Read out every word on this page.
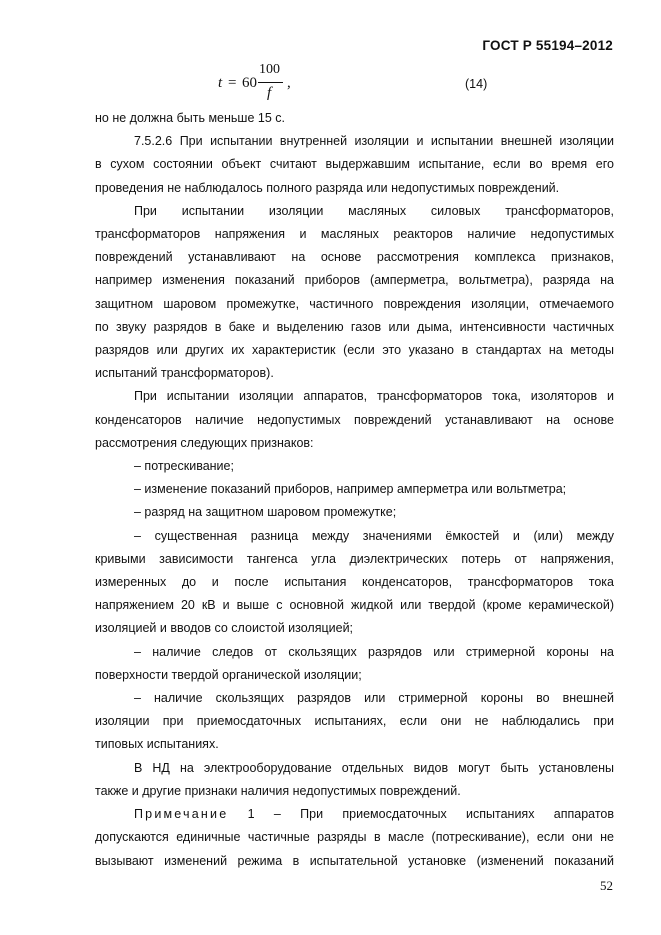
ГОСТ Р 55194–2012
t = 60
100
f
,	(14)

но не должна быть меньше 15 с.

7.5.2.6 При испытании внутренней изоляции и испытании внешней изоляции

в сухом состоянии объект считают выдержавшим испытание, если во время его

проведения не наблюдалось полного разряда или недопустимых повреждений.

При испытании изоляции масляных силовых трансформаторов,

трансформаторов напряжения и масляных реакторов наличие недопустимых

повреждений устанавливают на основе рассмотрения комплекса признаков,

например изменения показаний приборов (амперметра, вольтметра), разряда на

защитном шаровом промежутке, частичного повреждения изоляции, отмечаемого

по звуку разрядов в баке и выделению газов или дыма, интенсивности частичных

разрядов или других их характеристик (если это указано в стандартах на методы

испытаний трансформаторов).

При испытании изоляции аппаратов, трансформаторов тока, изоляторов и

конденсаторов наличие недопустимых повреждений устанавливают на основе

рассмотрения следующих признаков:

– потрескивание;

– изменение показаний приборов, например амперметра или вольтметра;

– разряд на защитном шаровом промежутке;

– существенная разница между значениями ёмкостей и (или) между

кривыми зависимости тангенса угла диэлектрических потерь от напряжения,

измеренных до и после испытания конденсаторов, трансформаторов тока

напряжением 20 кВ и выше с основной жидкой или твердой (кроме керамической)

изоляцией и вводов со слоистой изоляцией;

– наличие следов от скользящих разрядов или стримерной короны на

поверхности твердой органической изоляции;

– наличие скользящих разрядов или стримерной короны во внешней

изоляции при приемосдаточных испытаниях, если они не наблюдались при

типовых испытаниях.

В НД на электрооборудование отдельных видов могут быть установлены

также и другие признаки наличия недопустимых повреждений.

Примечание 1 – При приемосдаточных испытаниях аппаратов

допускаются единичные частичные разряды в масле (потрескивание), если они не

вызывают изменений режима в испытательной установке (изменений показаний

52
